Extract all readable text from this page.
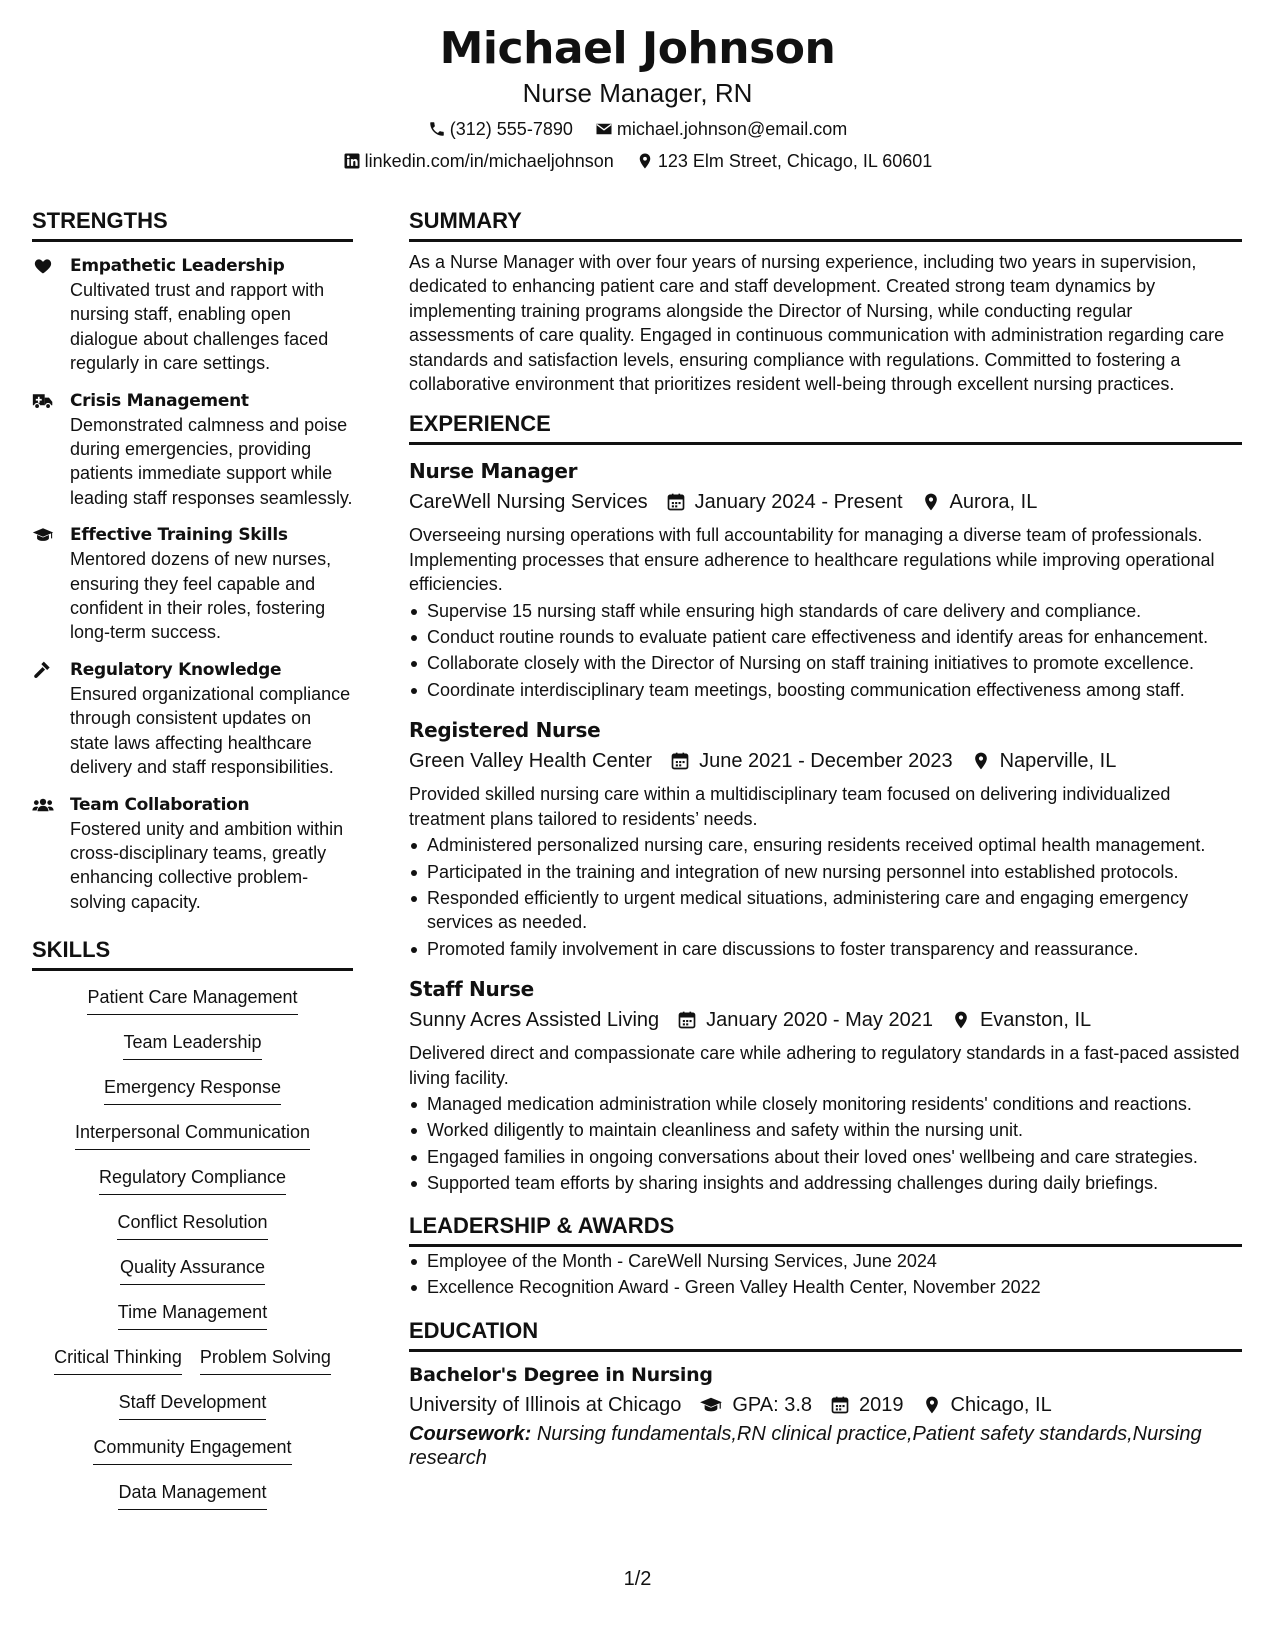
Michael Johnson
Nurse Manager, RN
(312) 555-7890 michael.johnson@email.com
linkedin.com/in/michaeljohnson 123 Elm Street, Chicago, IL 60601
STRENGTHS
Empathetic Leadership
Cultivated trust and rapport with nursing staff, enabling open dialogue about challenges faced regularly in care settings.
Crisis Management
Demonstrated calmness and poise during emergencies, providing patients immediate support while leading staff responses seamlessly.
Effective Training Skills
Mentored dozens of new nurses, ensuring they feel capable and confident in their roles, fostering long-term success.
Regulatory Knowledge
Ensured organizational compliance through consistent updates on state laws affecting healthcare delivery and staff responsibilities.
Team Collaboration
Fostered unity and ambition within cross-disciplinary teams, greatly enhancing collective problem-solving capacity.
SKILLS
Patient Care Management
Team Leadership
Emergency Response
Interpersonal Communication
Regulatory Compliance
Conflict Resolution
Quality Assurance
Time Management
Critical Thinking Problem Solving
Staff Development
Community Engagement
Data Management
SUMMARY
As a Nurse Manager with over four years of nursing experience, including two years in supervision, dedicated to enhancing patient care and staff development. Created strong team dynamics by implementing training programs alongside the Director of Nursing, while conducting regular assessments of care quality. Engaged in continuous communication with administration regarding care standards and satisfaction levels, ensuring compliance with regulations. Committed to fostering a collaborative environment that prioritizes resident well-being through excellent nursing practices.
EXPERIENCE
Nurse Manager
CareWell Nursing Services January 2024 - Present Aurora, IL
Overseeing nursing operations with full accountability for managing a diverse team of professionals. Implementing processes that ensure adherence to healthcare regulations while improving operational efficiencies.
Supervise 15 nursing staff while ensuring high standards of care delivery and compliance.
Conduct routine rounds to evaluate patient care effectiveness and identify areas for enhancement.
Collaborate closely with the Director of Nursing on staff training initiatives to promote excellence.
Coordinate interdisciplinary team meetings, boosting communication effectiveness among staff.
Registered Nurse
Green Valley Health Center June 2021 - December 2023 Naperville, IL
Provided skilled nursing care within a multidisciplinary team focused on delivering individualized treatment plans tailored to residents’ needs.
Administered personalized nursing care, ensuring residents received optimal health management.
Participated in the training and integration of new nursing personnel into established protocols.
Responded efficiently to urgent medical situations, administering care and engaging emergency services as needed.
Promoted family involvement in care discussions to foster transparency and reassurance.
Staff Nurse
Sunny Acres Assisted Living January 2020 - May 2021 Evanston, IL
Delivered direct and compassionate care while adhering to regulatory standards in a fast-paced assisted living facility.
Managed medication administration while closely monitoring residents' conditions and reactions.
Worked diligently to maintain cleanliness and safety within the nursing unit.
Engaged families in ongoing conversations about their loved ones' wellbeing and care strategies.
Supported team efforts by sharing insights and addressing challenges during daily briefings.
LEADERSHIP & AWARDS
Employee of the Month - CareWell Nursing Services, June 2024
Excellence Recognition Award - Green Valley Health Center, November 2022
EDUCATION
Bachelor's Degree in Nursing
University of Illinois at Chicago	GPA: 3.8 2019 Chicago, IL
Coursework: Nursing fundamentals,RN clinical practice,Patient safety standards,Nursing research
1/2
